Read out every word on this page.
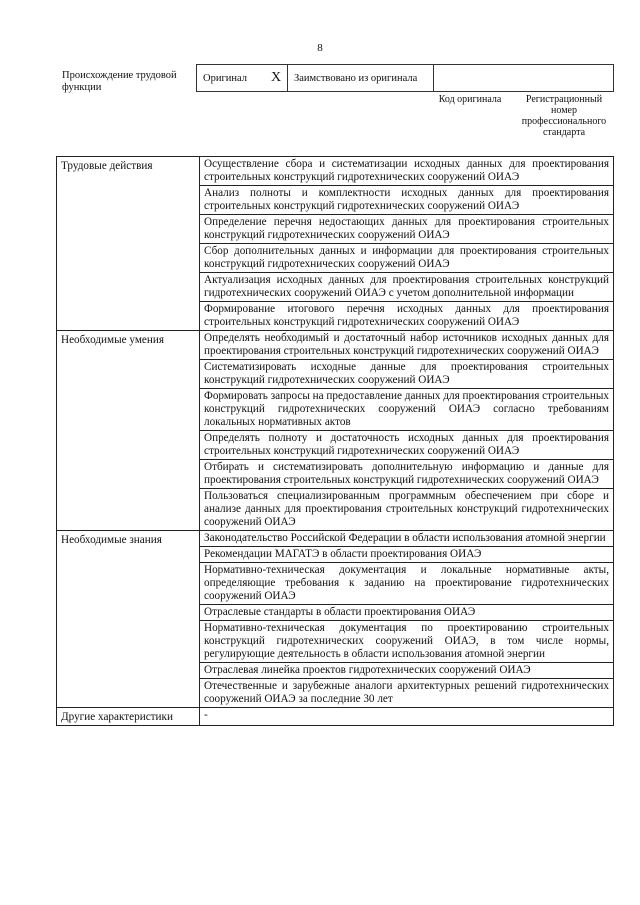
8
Происхождение трудовой функции
Оригинал X Заимствовано из оригинала
Код оригинала	Регистрационный номер профессионального стандарта
Трудовые действия	Осуществление сбора и систематизации исходных данных для проектирования строительных конструкций гидротехнических сооружений ОИАЭ
	Анализ полноты и комплектности исходных данных для проектирования строительных конструкций гидротехнических сооружений ОИАЭ
	Определение перечня недостающих данных для проектирования строительных конструкций гидротехнических сооружений ОИАЭ
	Сбор дополнительных данных и информации для проектирования строительных конструкций гидротехнических сооружений ОИАЭ
	Актуализация исходных данных для проектирования строительных конструкций гидротехнических сооружений ОИАЭ с учетом дополнительной информации
	Формирование итогового перечня исходных данных для проектирования строительных конструкций гидротехнических сооружений ОИАЭ
Необходимые умения	Определять необходимый и достаточный набор источников исходных данных для проектирования строительных конструкций гидротехнических сооружений ОИАЭ
	Систематизировать исходные данные для проектирования строительных конструкций гидротехнических сооружений ОИАЭ
	Формировать запросы на предоставление данных для проектирования строительных конструкций гидротехнических сооружений ОИАЭ согласно требованиям локальных нормативных актов
	Определять полноту и достаточность исходных данных для проектирования строительных конструкций гидротехнических сооружений ОИАЭ
	Отбирать и систематизировать дополнительную информацию и данные для проектирования строительных конструкций гидротехнических сооружений ОИАЭ
	Пользоваться специализированным программным обеспечением при сборе и анализе данных для проектирования строительных конструкций гидротехнических сооружений ОИАЭ
Необходимые знания	Законодательство Российской Федерации в области использования атомной энергии
	Рекомендации МАГАТЭ в области проектирования ОИАЭ
	Нормативно-техническая документация и локальные нормативные акты, определяющие требования к заданию на проектирование гидротехнических сооружений ОИАЭ
	Отраслевые стандарты в области проектирования ОИАЭ
	Нормативно-техническая документация по проектированию строительных конструкций гидротехнических сооружений ОИАЭ, в том числе нормы, регулирующие деятельность в области использования атомной энергии
	Отраслевая линейка проектов гидротехнических сооружений ОИАЭ
	Отечественные и зарубежные аналоги архитектурных решений гидротехнических сооружений ОИАЭ за последние 30 лет
Другие характеристики	-
